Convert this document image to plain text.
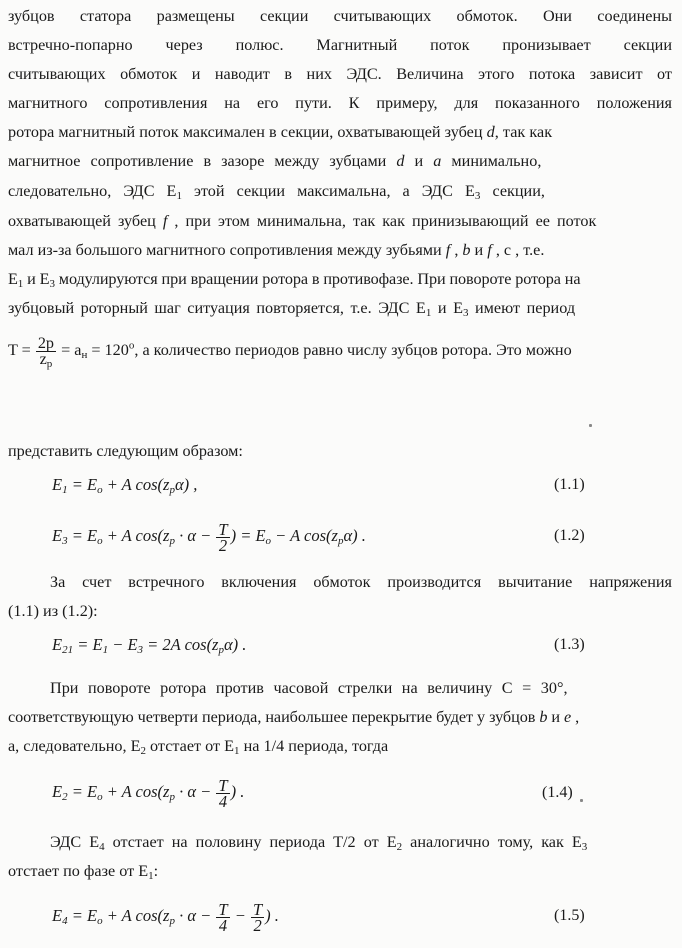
зубцов статора размещены секции считывающих обмоток. Они соединены
встречно-попарно через полюс. Магнитный поток пронизывает секции
считывающих обмоток и наводит в них ЭДС. Величина этого потока зависит от
магнитного сопротивления на его пути. К примеру, для показанного положения
ротора магнитный поток максимален в секции, охватывающей зубец d, так как
магнитное сопротивление в зазоре между зубцами d и a минимально,
следовательно, ЭДС $E_1$ этой секции максимальна, а ЭДС $E_3$ секции,
охватывающей зубец f , при этом минимальна, так как принизывающий ее поток
мал из-за большого магнитного сопротивления между зубьями f , b и f , c , т.е.
$E_1$ и $E_3$ модулируются при вращении ротора в противофазе. При повороте ротора на
зубцовый роторный шаг ситуация повторяется, т.е. ЭДС $E_1$ и $E_3$ имеют период
$T = \frac{2p}{z_p} = a_н = 120^o$, а количество периодов равно числу зубцов ротора. Это можно
представить следующим образом:
$E_1 = E_o + A$ $\cos(z_p\alpha)$ ,	(1.1)
$E_3 = E_o + A$ $\cos(z_p \cdot \alpha - \frac{T}{2}$ ) = $E_o - A$ $\cos(z_p\alpha)$ .	(1.2)
За счет встречного включения обмоток производится вычитание напряжения
(1.1) из (1.2):
$E_{21} = E_1 - E_3 = 2A$ $\cos(z_p\alpha)$ .	(1.3)
При повороте ротора против часовой стрелки на величину C = 30°,
соответствующую четверти периода, наибольшее перекрытие будет у зубцов b и e ,
а, следовательно, $E_2$ отстает от $E_1$ на 1/4 периода, тогда
$E_2 = E_o + A$ $\cos(z_p \cdot \alpha - \frac{T}{4}$ ) .	(1.4)
ЭДС $E_4$ отстает на половину периода T/2 от $E_2$ аналогично тому, как $E_3$
отстает по фазе от $E_1$:
$E_4 = E_o + A$ $\cos(z_p \cdot \alpha - \frac{T}{4} - \frac{T}{2}$ ) .	(1.5)
